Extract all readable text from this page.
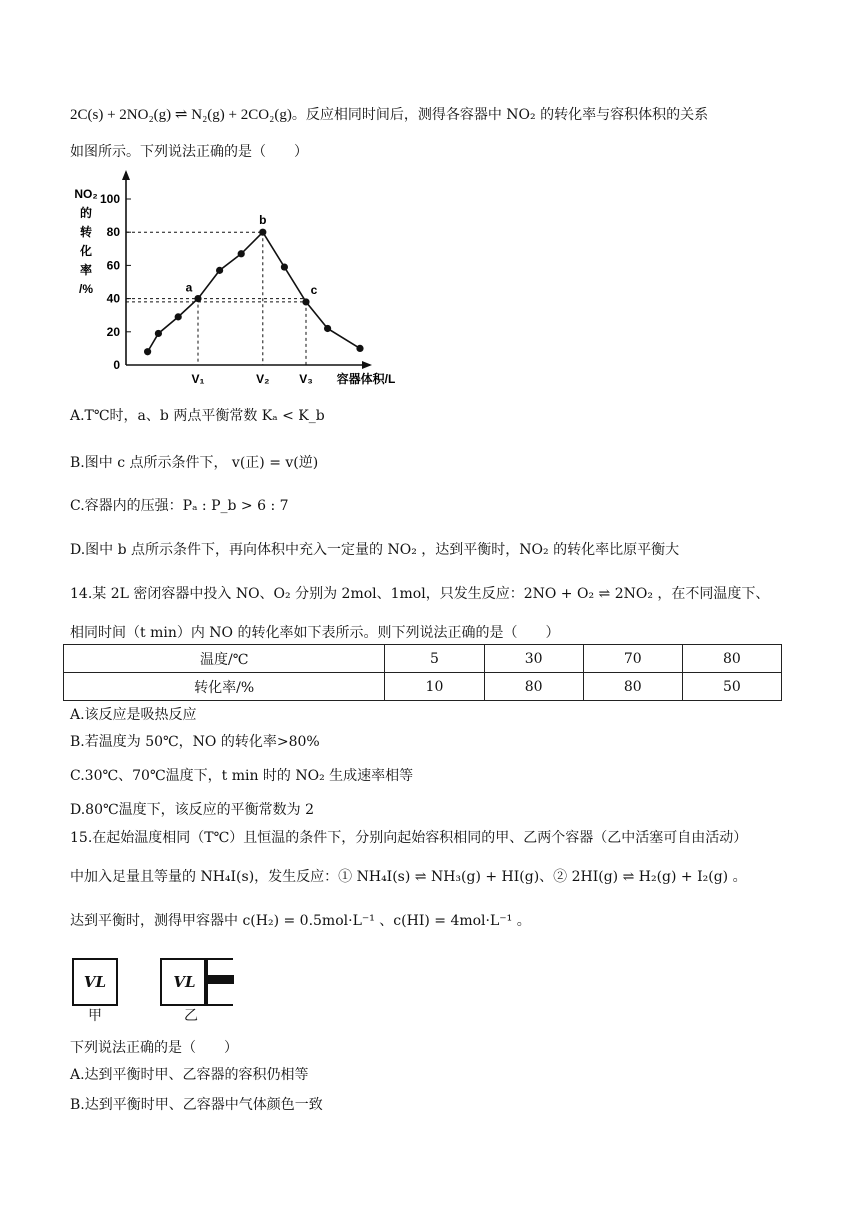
2C(s) + 2NO₂(g) ⇌ N₂(g) + 2CO₂(g)。反应相同时间后，测得各容器中 NO₂ 的转化率与容积体积的关系
如图所示。下列说法正确的是（　　）
0
20
40
60
80
100
NO₂
的
转
化
率
/%
容器体积/L
V₁	V₂ V₃
a
b
c
A.T℃时，a、b 两点平衡常数 Kₐ < K_b
B.图中 c 点所示条件下， v(正) = v(逆)
C.容器内的压强：Pₐ : P_b > 6 : 7
D.图中 b 点所示条件下，再向体积中充入一定量的 NO₂ ，达到平衡时，NO₂ 的转化率比原平衡大
14.某 2L 密闭容器中投入 NO、O₂ 分别为 2mol、1mol，只发生反应：2NO + O₂ ⇌ 2NO₂ ，在不同温度下、
相同时间（t min）内 NO 的转化率如下表所示。则下列说法正确的是（　　）
温度/℃	5	30	70	80
转化率/%	10	80	80	50
A.该反应是吸热反应
B.若温度为 50℃，NO 的转化率>80%
C.30℃、70℃温度下，t min 时的 NO₂ 生成速率相等
D.80℃温度下，该反应的平衡常数为 2
15.在起始温度相同（T℃）且恒温的条件下，分别向起始容积相同的甲、乙两个容器（乙中活塞可自由活动）
中加入足量且等量的 NH₄I(s)，发生反应：① NH₄I(s) ⇌ NH₃(g) + HI(g)、② 2HI(g) ⇌ H₂(g) + I₂(g) 。
达到平衡时，测得甲容器中 c(H₂) = 0.5mol·L⁻¹ 、c(HI) = 4mol·L⁻¹ 。
VL
甲
VL
乙
下列说法正确的是（　　）
A.达到平衡时甲、乙容器的容积仍相等
B.达到平衡时甲、乙容器中气体颜色一致
